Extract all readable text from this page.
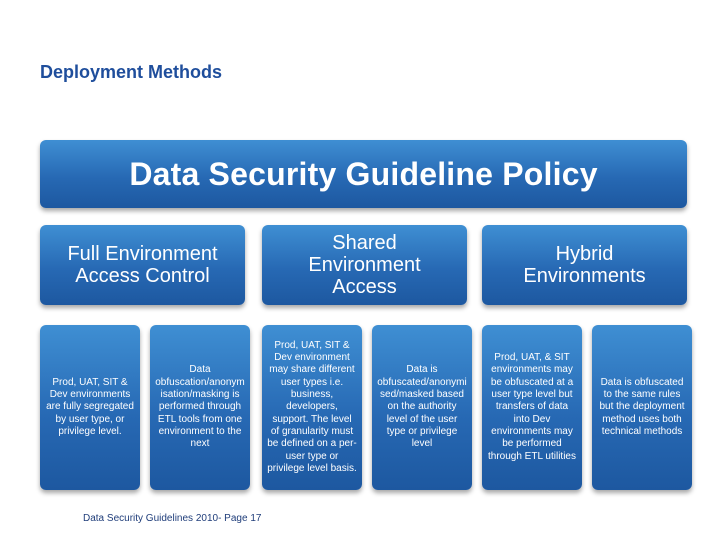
Deployment Methods
Data Security Guideline Policy
Full Environment
Access Control
Prod, UAT, SIT &
Dev environments
are fully segregated
by user type, or
privilege level.
Data
obfuscation/anonym
isation/masking is
performed through
ETL tools from one
environment to the
next
Shared
Environment
Access
Prod, UAT, SIT &
Dev environment
may share different
user types i.e.
business,
developers,
support. The level
of granularity must
be defined on a per-
user type or
privilege level basis.
Data is
obfuscated/anonymi
sed/masked based
on the authority
level of the user
type or privilege
level
Hybrid
Environments
Prod, UAT, & SIT
environments may
be obfuscated at a
user type level but
transfers of data
into Dev
environments may
be performed
through ETL utilities
Data is obfuscated
to the same rules
but the deployment
method uses both
technical methods
Data Security Guidelines 2010- Page 17
